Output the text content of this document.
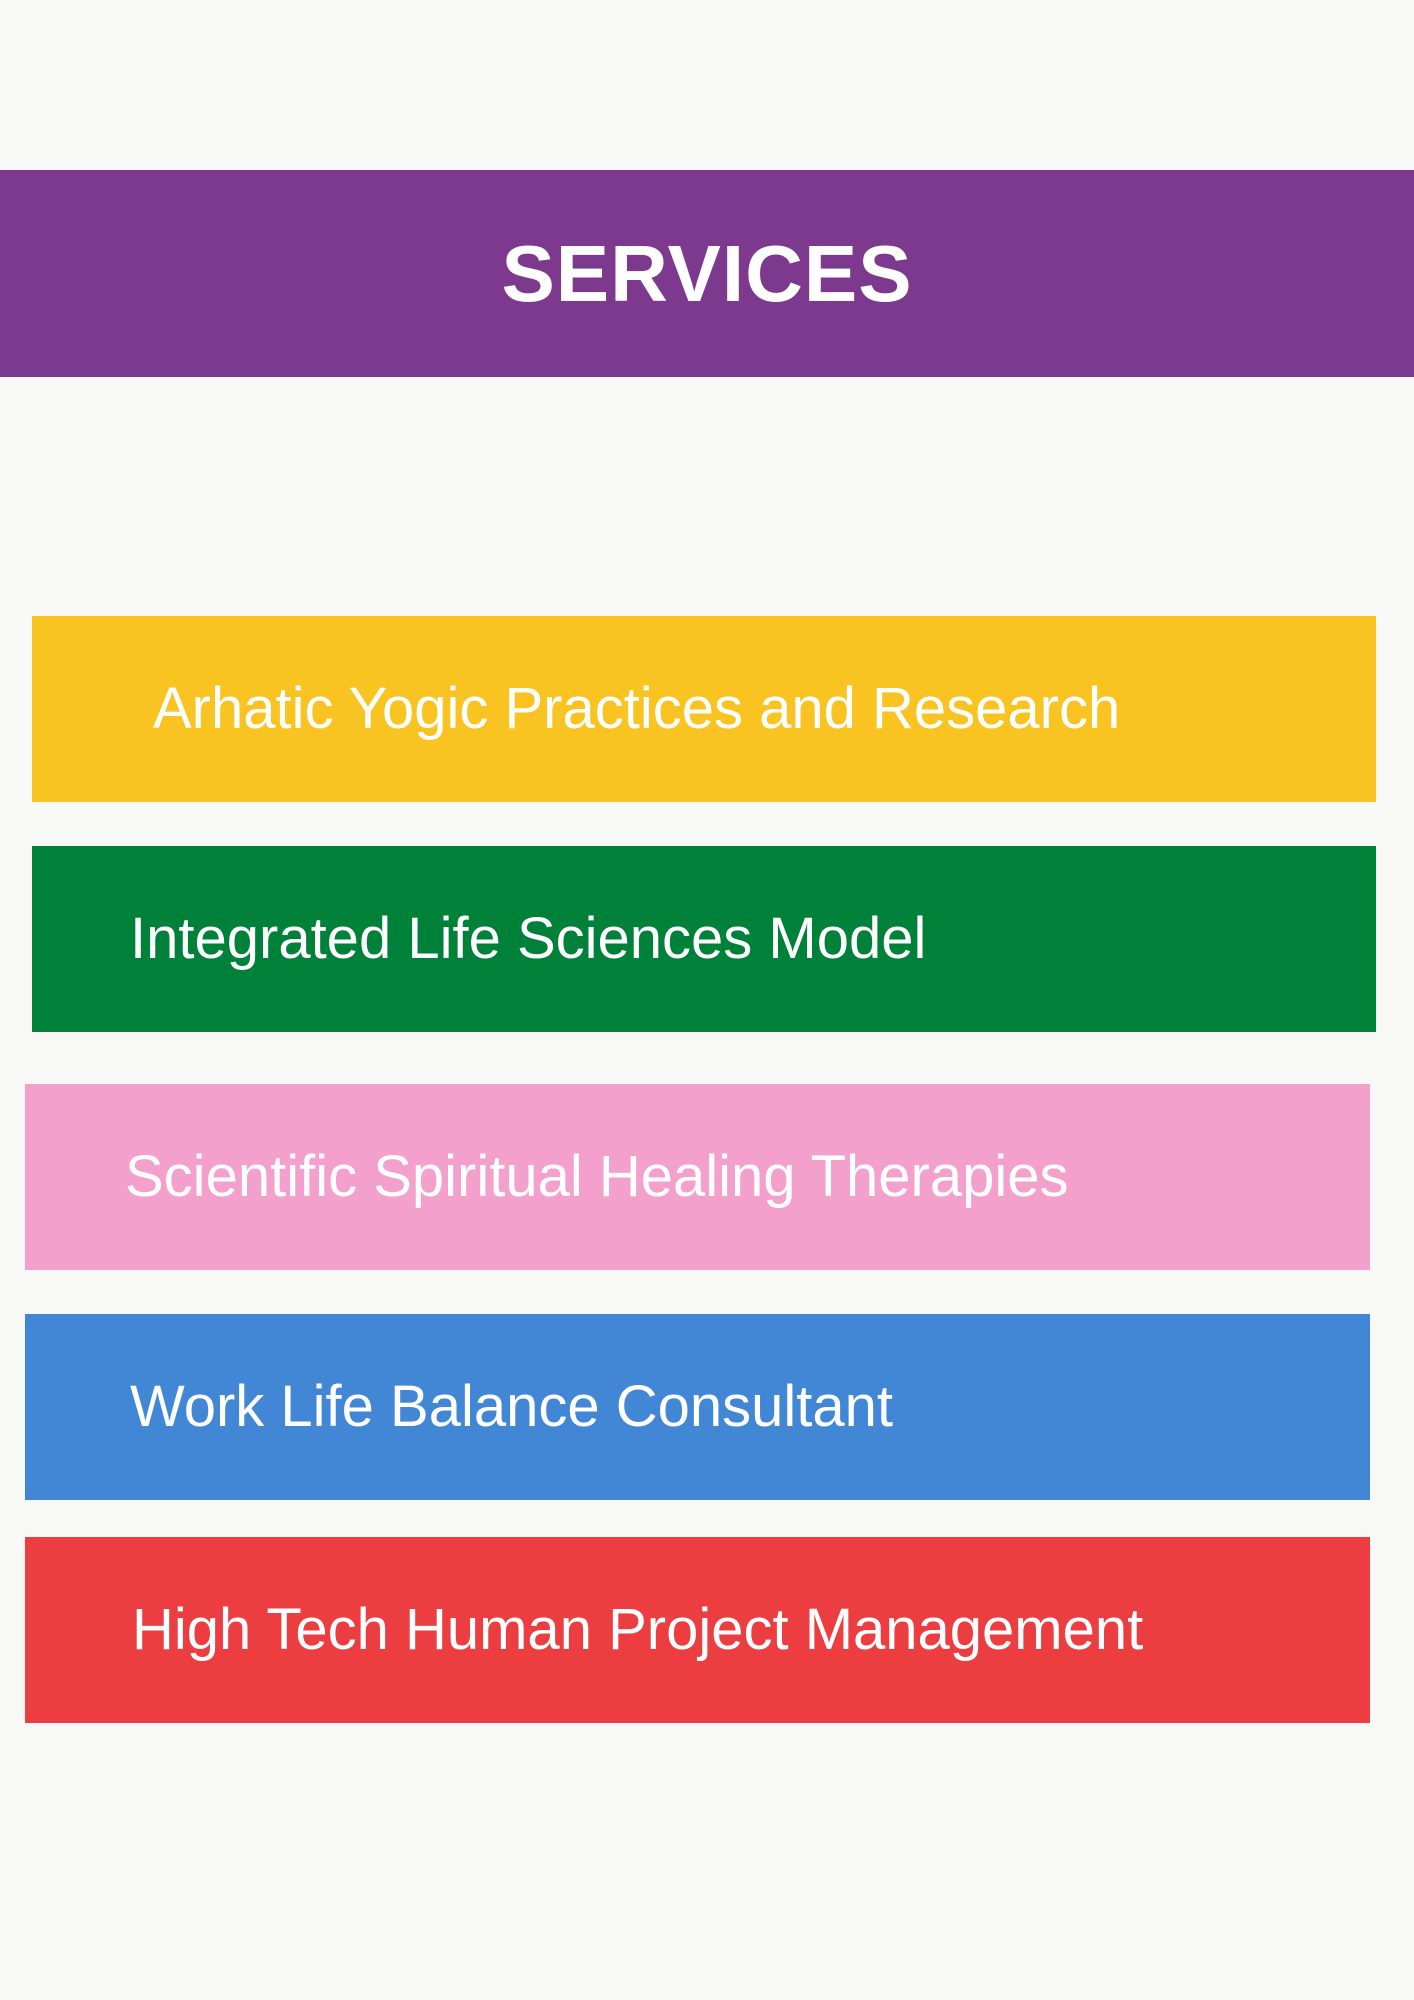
SERVICES
Arhatic Yogic Practices and Research
Integrated Life Sciences Model
Scientific Spiritual Healing Therapies
Work Life Balance Consultant
High Tech Human Project Management
